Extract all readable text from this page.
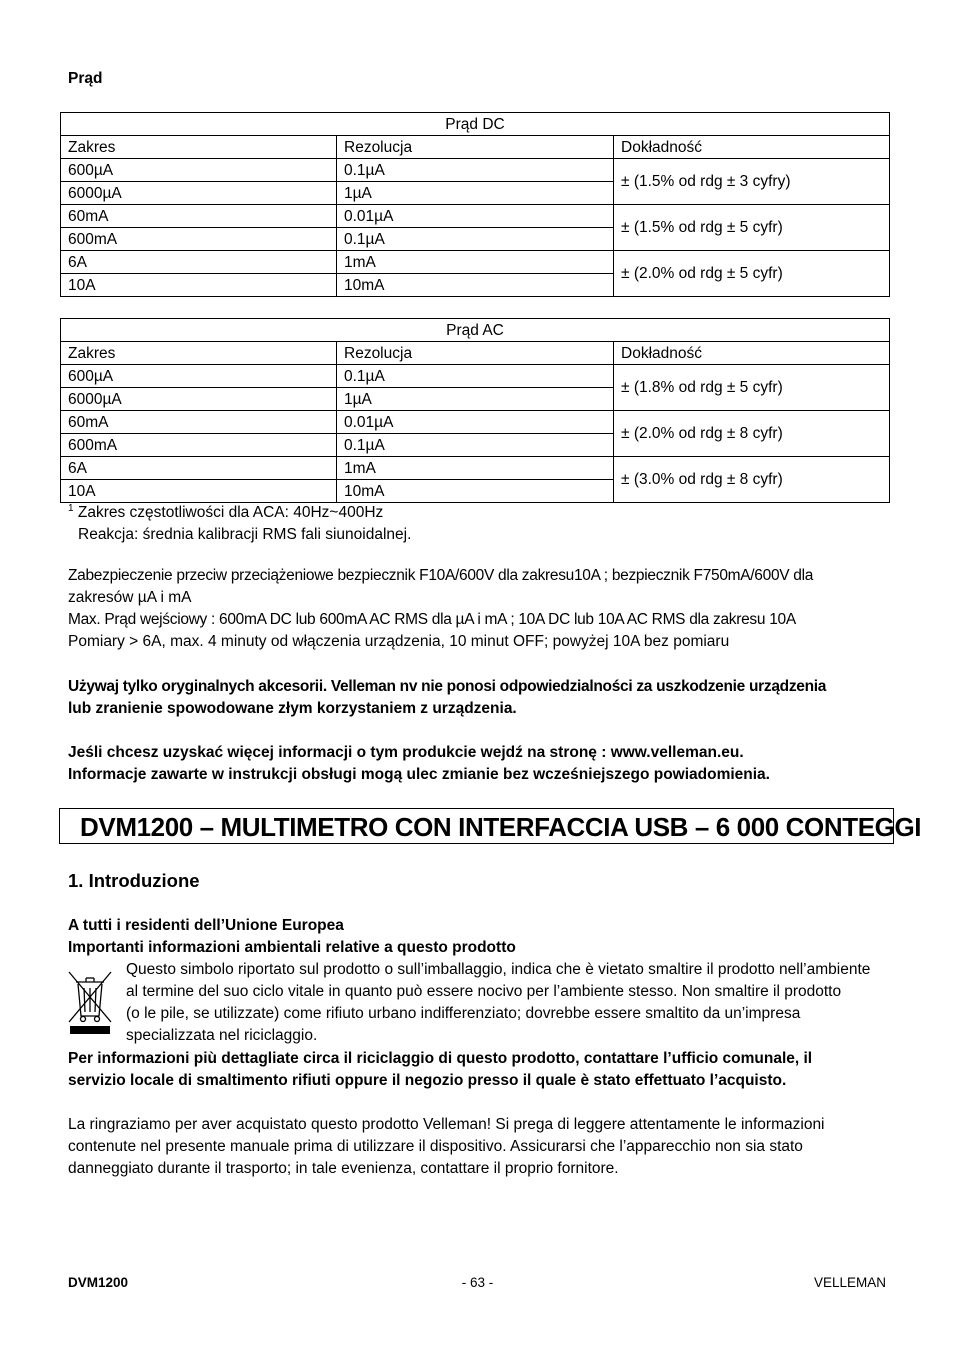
Prąd
Prąd DC		
Zakres	Rezolucja	Dokładność
600µA	0.1µA	± (1.5% od rdg ± 3 cyfry)
6000µA	1µA	
60mA	0.01µA	± (1.5% od rdg ± 5 cyfr)
600mA	0.1µA	
6A	1mA	± (2.0% od rdg ± 5 cyfr)
10A	10mA	
Prąd AC		
Zakres	Rezolucja	Dokładność
600µA	0.1µA	± (1.8% od rdg ± 5 cyfr)
6000µA	1µA	
60mA	0.01µA	± (2.0% od rdg ± 8 cyfr)
600mA	0.1µA	
6A	1mA	± (3.0% od rdg ± 8 cyfr)
10A	10mA	
$^1$ Zakres częstotliwości dla ACA: 40Hz~400Hz
Reakcja: średnia kalibracji RMS fali siunoidalnej.
Zabezpieczenie przeciw przeciążeniowe bezpiecznik F10A/600V dla zakresu10A ; bezpiecznik F750mA/600V dla
zakresów µA i mA
Max. Prąd wejściowy : 600mA DC lub 600mA AC RMS dla µA i mA ; 10A DC lub 10A AC RMS dla zakresu 10A
Pomiary > 6A, max. 4 minuty od włączenia urządzenia, 10 minut OFF; powyżej 10A bez pomiaru
Używaj tylko oryginalnych akcesorii. Velleman nv nie ponosi odpowiedzialności za uszkodzenie urządzenia
lub zranienie spowodowane złym korzystaniem z urządzenia.
Jeśli chcesz uzyskać więcej informacji o tym produkcie wejdź na stronę : www.velleman.eu.
Informacje zawarte w instrukcji obsługi mogą ulec zmianie bez wcześniejszego powiadomienia.
DVM1200 – MULTIMETRO CON INTERFACCIA USB – 6 000 CONTEGGI
1. Introduzione
A tutti i residenti dell’Unione Europea
Importanti informazioni ambientali relative a questo prodotto
Questo simbolo riportato sul prodotto o sull’imballaggio, indica che è vietato smaltire il prodotto nell’ambiente
al termine del suo ciclo vitale in quanto può essere nocivo per l’ambiente stesso. Non smaltire il prodotto
(o le pile, se utilizzate) come rifiuto urbano indifferenziato; dovrebbe essere smaltito da un’impresa
specializzata nel riciclaggio.
Per informazioni più dettagliate circa il riciclaggio di questo prodotto, contattare l’ufficio comunale, il
servizio locale di smaltimento rifiuti oppure il negozio presso il quale è stato effettuato l’acquisto.
La ringraziamo per aver acquistato questo prodotto Velleman! Si prega di leggere attentamente le informazioni
contenute nel presente manuale prima di utilizzare il dispositivo. Assicurarsi che l’apparecchio non sia stato
danneggiato durante il trasporto; in tale evenienza, contattare il proprio fornitore.
DVM1200	- 63 -	VELLEMAN
